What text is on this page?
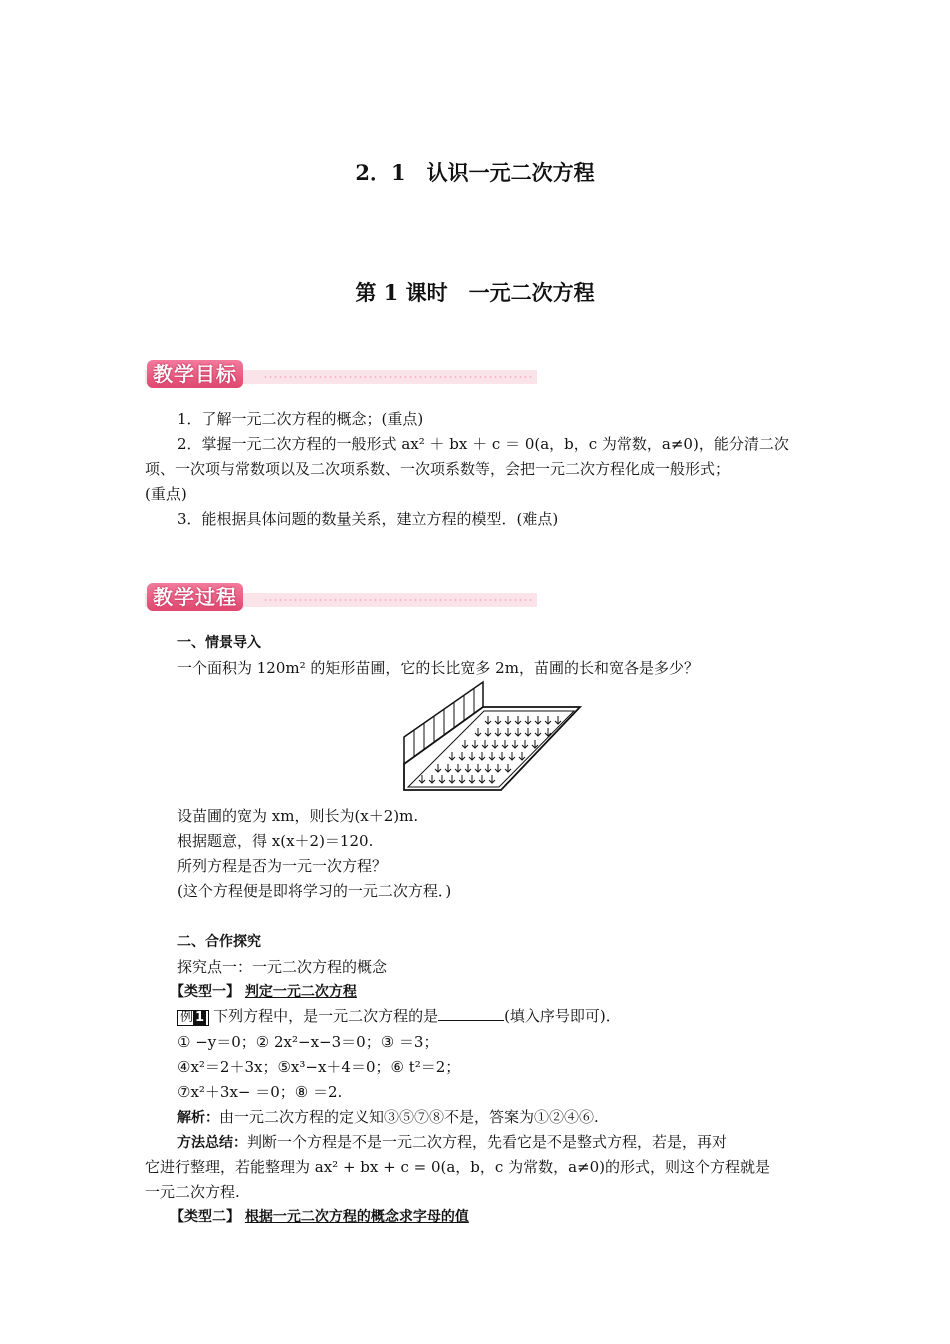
2．1　认识一元二次方程
第 1 课时　一元二次方程
教学目标
1．了解一元二次方程的概念；(重点)
2．掌握一元二次方程的一般形式 ax² ＋ bx ＋ c ＝ 0(a，b，c 为常数，a≠0)，能分清二次
项、一次项与常数项以及二次项系数、一次项系数等，会把一元二次方程化成一般形式；
(重点)
3．能根据具体问题的数量关系，建立方程的模型．(难点)
教学过程
一、情景导入
一个面积为 120m² 的矩形苗圃，它的长比宽多 2m，苗圃的长和宽各是多少？
设苗圃的宽为 xm，则长为(x＋2)m.
根据题意，得 x(x＋2)＝120.
所列方程是否为一元一次方程？
(这个方程便是即将学习的一元二次方程．)
二、合作探究
探究点一：一元二次方程的概念
【类型一】 判定一元二次方程
例 1 下列方程中，是一元二次方程的是	(填入序号即可)．
① −y＝0；② 2x²−x−3＝0；③ ＝3；
④x²＝2＋3x；⑤x³−x＋4＝0；⑥ t²＝2；
⑦x²＋3x− ＝0；⑧ ＝2.
解析：由一元二次方程的定义知③⑤⑦⑧不是，答案为①②④⑥.
方法总结：判断一个方程是不是一元二次方程，先看它是不是整式方程，若是，再对
它进行整理，若能整理为 ax² + bx + c = 0(a，b，c 为常数，a≠0)的形式，则这个方程就是
一元二次方程.
【类型二】 根据一元二次方程的概念求字母的值
